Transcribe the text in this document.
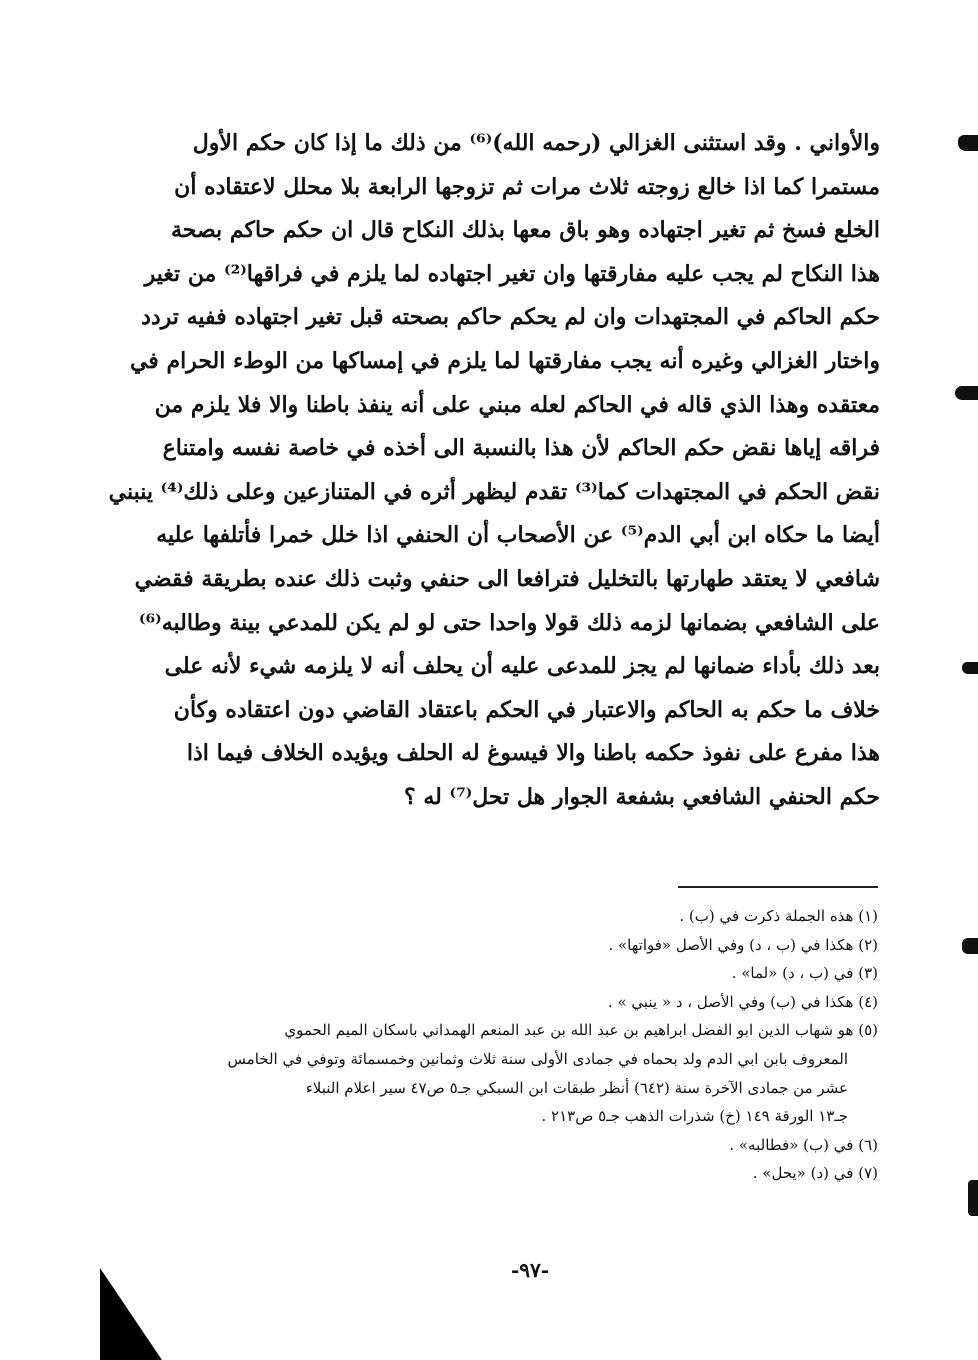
والأواني . وقد استثنى الغزالي (رحمه الله)⁽⁶⁾ من ذلك ما إذا كان حكم الأول
مستمرا كما اذا خالع زوجته ثلاث مرات ثم تزوجها الرابعة بلا محلل لاعتقاده أن
الخلع فسخ ثم تغير اجتهاده وهو باق معها بذلك النكاح قال ان حكم حاكم بصحة
هذا النكاح لم يجب عليه مفارقتها وان تغير اجتهاده لما يلزم في فراقها⁽²⁾ من تغير
حكم الحاكم في المجتهدات وان لم يحكم حاكم بصحته قبل تغير اجتهاده ففيه تردد
واختار الغزالي وغيره أنه يجب مفارقتها لما يلزم في إمساكها من الوطء الحرام في
معتقده وهذا الذي قاله في الحاكم لعله مبني على أنه ينفذ باطنا والا فلا يلزم من
فراقه إياها نقض حكم الحاكم لأن هذا بالنسبة الى أخذه في خاصة نفسه وامتناع
نقض الحكم في المجتهدات كما⁽³⁾ تقدم ليظهر أثره في المتنازعين وعلى ذلك⁽⁴⁾ ينبني
أيضا ما حكاه ابن أبي الدم⁽⁵⁾ عن الأصحاب أن الحنفي اذا خلل خمرا فأتلفها عليه
شافعي لا يعتقد طهارتها بالتخليل فترافعا الى حنفي وثبت ذلك عنده بطريقة فقضي
على الشافعي بضمانها لزمه ذلك قولا واحدا حتى لو لم يكن للمدعي بينة وطالبه⁽⁶⁾
بعد ذلك بأداء ضمانها لم يجز للمدعى عليه أن يحلف أنه لا يلزمه شيء لأنه على
خلاف ما حكم به الحاكم والاعتبار في الحكم باعتقاد القاضي دون اعتقاده وكأن
هذا مفرع على نفوذ حكمه باطنا والا فيسوغ له الحلف ويؤيده الخلاف فيما اذا
حكم الحنفي الشافعي بشفعة الجوار هل تحل⁽⁷⁾ له ؟
(١) هذه الجملة ذكرت في (ب) .
(٢) هكذا في (ب ، د) وفي الأصل «فواتها» .
(٣) في (ب ، د) «لما» .
(٤) هكذا في (ب) وفي الأصل ، د « ينبي » .
(٥) هو شهاب الدين ابو الفضل ابراهيم بن عبد الله بن عبد المنعم الهمداني باسكان الميم الحموي
المعروف بابن ابي الدم ولد بحماه في جمادى الأولى سنة ثلاث وثمانين وخمسمائة وتوفي في الخامس
عشر من جمادى الآخرة سنة (٦٤٢) أنظر طبقات ابن السبكي جـ٥ ص٤٧ سير اعلام النبلاء
جـ١٣ الورقة ١٤٩ (خ) شذرات الذهب جـ٥ ص٢١٣ .
(٦) في (ب) «فطالبه» .
(٧) في (د) «يحل» .
-٩٧-
